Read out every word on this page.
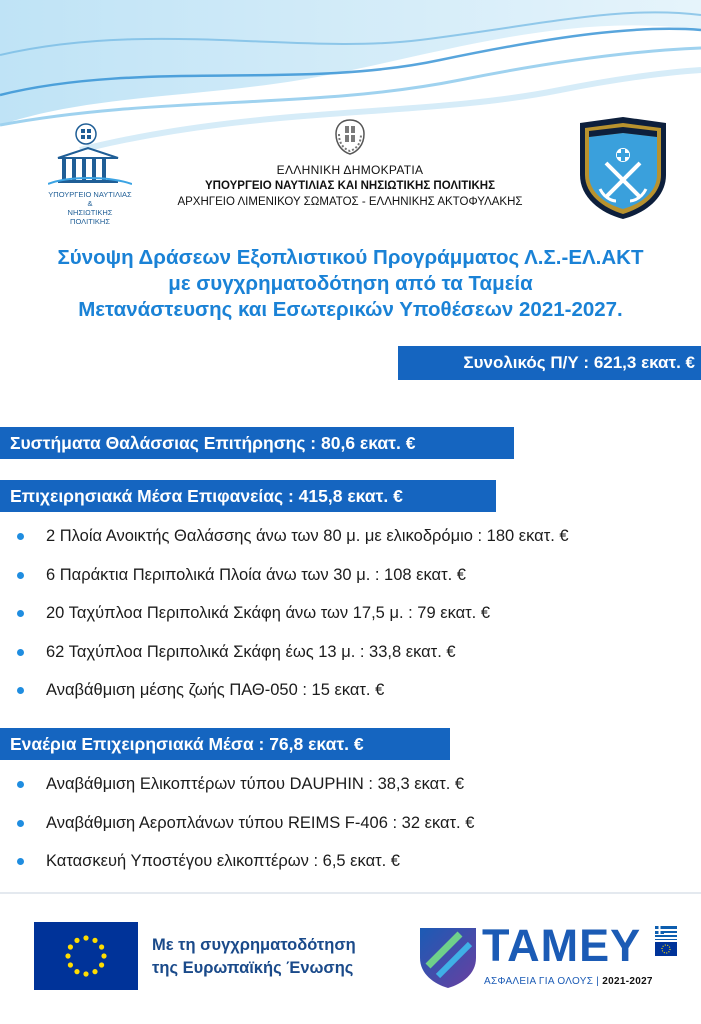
ΥΠΟΥΡΓΕΙΟ ΝΑΥΤΙΛΙΑΣ
&
ΝΗΣΙΩΤΙΚΗΣ ΠΟΛΙΤΙΚΗΣ
ΕΛΛΗΝΙΚΗ ΔΗΜΟΚΡΑΤΙΑ
ΥΠΟΥΡΓΕΙΟ ΝΑΥΤΙΛΙΑΣ ΚΑΙ ΝΗΣΙΩΤΙΚΗΣ ΠΟΛΙΤΙΚΗΣ
ΑΡΧΗΓΕΙΟ ΛΙΜΕΝΙΚΟΥ ΣΩΜΑΤΟΣ - ΕΛΛΗΝΙΚΗΣ ΑΚΤΟΦΥΛΑΚΗΣ
Σύνοψη Δράσεων Εξοπλιστικού Προγράμματος Λ.Σ.-ΕΛ.ΑΚΤ
με συγχρηματοδότηση από τα Ταμεία
Μετανάστευσης και Εσωτερικών Υποθέσεων 2021-2027.
Συνολικός Π/Υ : 621,3 εκατ. €
Συστήματα Θαλάσσιας Επιτήρησης : 80,6 εκατ. €
Επιχειρησιακά Μέσα Επιφανείας : 415,8 εκατ. €
2 Πλοία Ανοικτής Θαλάσσης άνω των 80 μ. με ελικοδρόμιο : 180 εκατ. €
6 Παράκτια Περιπολικά Πλοία άνω των 30 μ. : 108 εκατ. €
20 Ταχύπλοα Περιπολικά Σκάφη άνω των 17,5 μ. : 79 εκατ. €
62 Ταχύπλοα Περιπολικά Σκάφη έως 13 μ. : 33,8 εκατ. €
Αναβάθμιση μέσης ζωής ΠΑΘ-050 : 15 εκατ. €
Εναέρια Επιχειρησιακά Μέσα : 76,8 εκατ. €
Αναβάθμιση Ελικοπτέρων τύπου DAUPHIN : 38,3 εκατ. €
Αναβάθμιση Αεροπλάνων τύπου REIMS F-406 : 32 εκατ. €
Κατασκευή Υποστέγου ελικοπτέρων : 6,5 εκατ. €
Με τη συγχρηματοδότηση
της Ευρωπαϊκής Ένωσης	TAMEY
ΑΣΦΑΛΕΙΑ ΓΙΑ ΟΛΟΥΣ | 2021-2027
